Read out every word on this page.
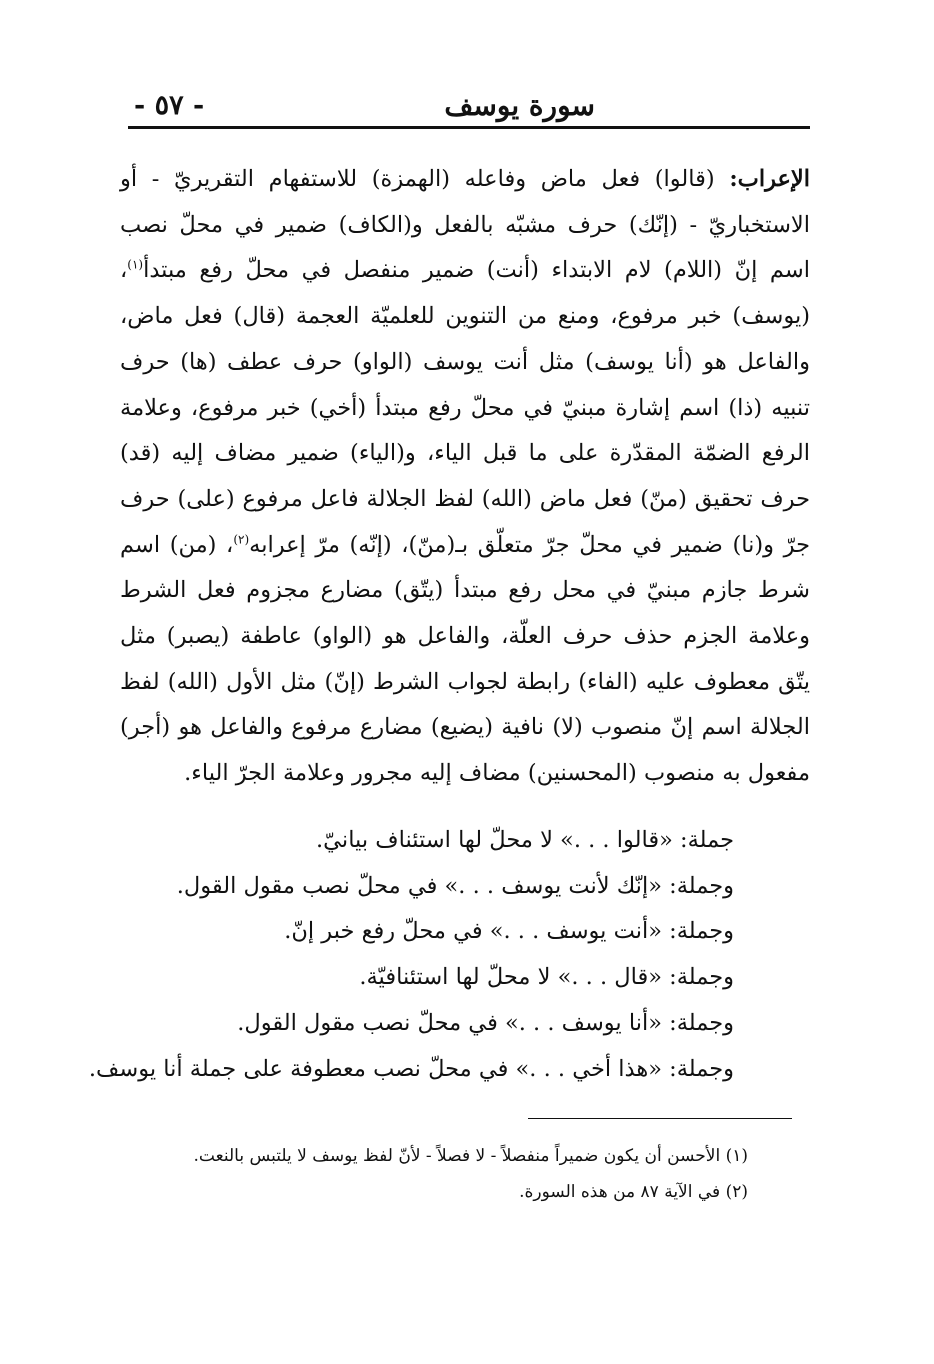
سورة يوسف
- ٥٧ -

الإعراب: (قالوا) فعل ماض وفاعله (الهمزة) للاستفهام التقريريّ - أو الاستخباريّ - (إنّك) حرف مشبّه بالفعل و(الكاف) ضمير في محلّ نصب اسم إنّ (اللام) لام الابتداء (أنت) ضمير منفصل في محلّ رفع مبتدأ$^{(١)}$، (يوسف) خبر مرفوع، ومنع من التنوين للعلميّة العجمة (قال) فعل ماض، والفاعل هو (أنا يوسف) مثل أنت يوسف (الواو) حرف عطف (ها) حرف تنبيه (ذا) اسم إشارة مبنيّ في محلّ رفع مبتدأ (أخي) خبر مرفوع، وعلامة الرفع الضمّة المقدّرة على ما قبل الياء، و(الياء) ضمير مضاف إليه (قد) حرف تحقيق (منّ) فعل ماض (الله) لفظ الجلالة فاعل مرفوع (على) حرف جرّ و(نا) ضمير في محلّ جرّ متعلّق بـ(منّ)، (إنّه) مرّ إعرابه$^{(٢)}$، (من) اسم شرط جازم مبنيّ في محل رفع مبتدأ (يتّق) مضارع مجزوم فعل الشرط وعلامة الجزم حذف حرف العلّة، والفاعل هو (الواو) عاطفة (يصبر) مثل يتّق معطوف عليه (الفاء) رابطة لجواب الشرط (إنّ) مثل الأول (الله) لفظ الجلالة اسم إنّ منصوب (لا) نافية (يضيع) مضارع مرفوع والفاعل هو (أجر) مفعول به منصوب (المحسنين) مضاف إليه مجرور وعلامة الجرّ الياء.

جملة: «قالوا . . .» لا محلّ لها استئناف بيانيّ.
وجملة: «إنّك لأنت يوسف . . .» في محلّ نصب مقول القول.
وجملة: «أنت يوسف . . .» في محلّ رفع خبر إنّ.
وجملة: «قال . . .» لا محلّ لها استئنافيّة.
وجملة: «أنا يوسف . . .» في محلّ نصب مقول القول.
وجملة: «هذا أخي . . .» في محلّ نصب معطوفة على جملة أنا يوسف.
(١) الأحسن أن يكون ضميراً منفصلاً - لا فصلاً - لأنّ لفظ يوسف لا يلتبس بالنعت.
(٢) في الآية ٨٧ من هذه السورة.
